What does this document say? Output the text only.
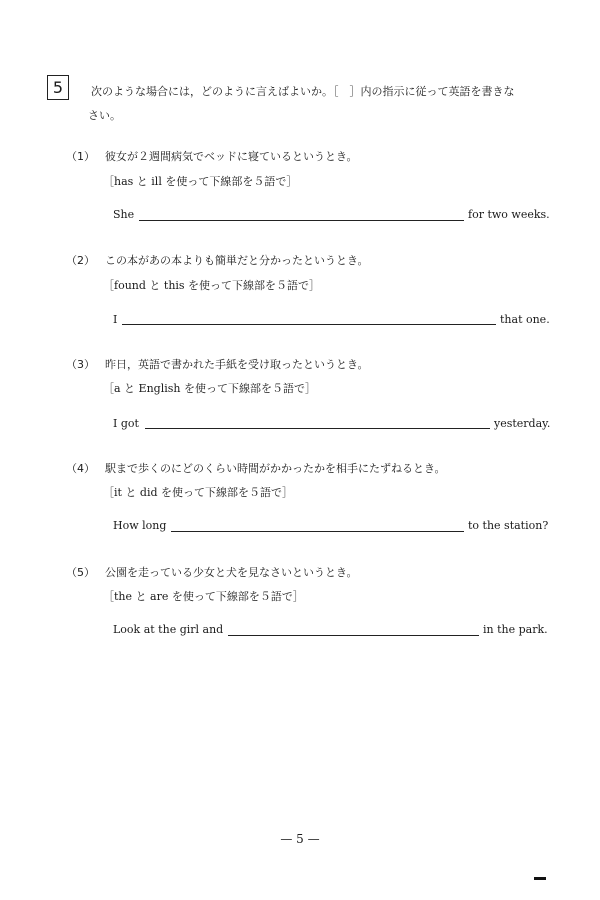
5	次のような場合には，どのように言えばよいか。［　］内の指示に従って英語を書きな
さい。
（1） 彼女が２週間病気でベッドに寝ているというとき。
［has と ill を使って下線部を５語で］
She	for two weeks.
（2） この本があの本よりも簡単だと分かったというとき。
［found と this を使って下線部を５語で］
I	that one.
（3） 昨日，英語で書かれた手紙を受け取ったというとき。
［a と English を使って下線部を５語で］
I got	yesterday.
（4） 駅まで歩くのにどのくらい時間がかかったかを相手にたずねるとき。
［it と did を使って下線部を５語で］
How long	to the station?
（5） 公園を走っている少女と犬を見なさいというとき。
［the と are を使って下線部を５語で］
Look at the girl and	in the park.
— 5 —
